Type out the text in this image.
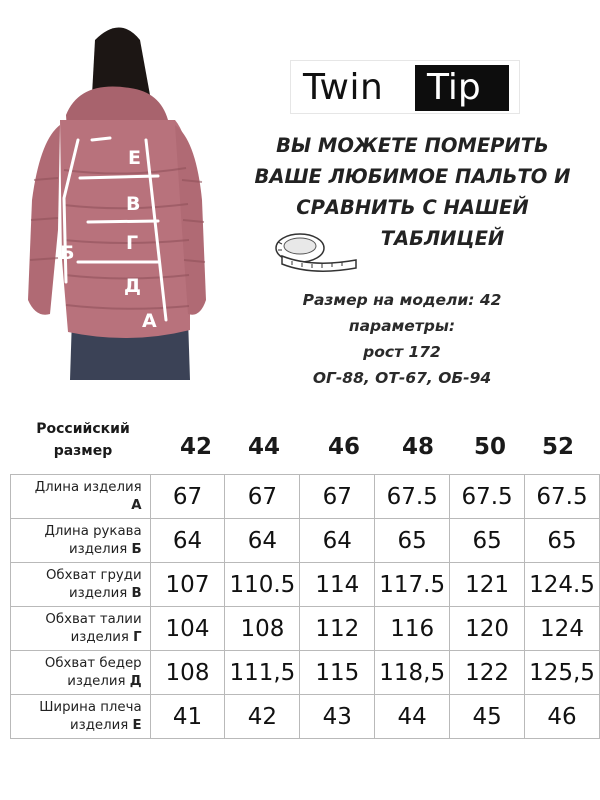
Е
В
Г
Б
Д
А
Twin Tip
ВЫ МОЖЕТЕ ПОМЕРИТЬ
ВАШЕ ЛЮБИМОЕ ПАЛЬТО И
СРАВНИТЬ С НАШЕЙ
ТАБЛИЦЕЙ
Размер на модели: 42
параметры:
рост 172
ОГ-88, ОТ-67, ОБ-94
Российский
размер	42	44	46	48	50	52
Длина изделия
А	67	67	67	67.5	67.5	67.5

Длина рукава
изделия Б	64	64	64	65	65	65

Обхват груди
изделия В	107	110.5	114	117.5	121	124.5

Обхват талии
изделия Г	104	108	112	116	120	124

Обхват бедер
изделия Д	108	111,5	115	118,5	122	125,5

Ширина плеча
изделия Е	41	42	43	44	45	46
